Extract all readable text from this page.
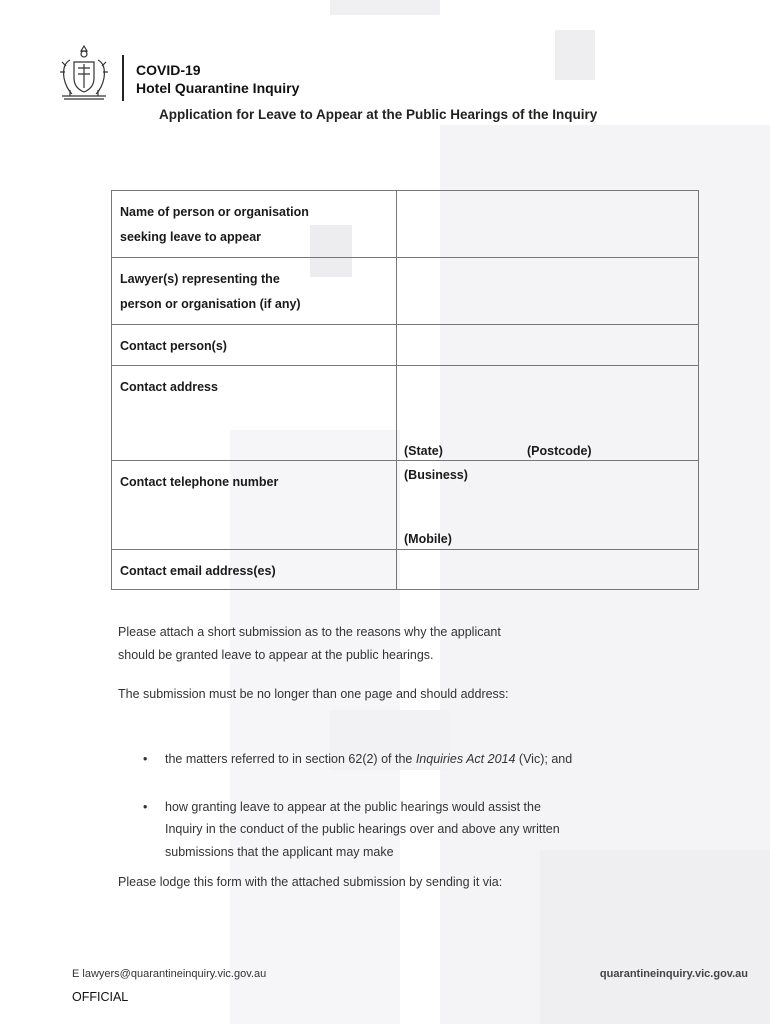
COVID-19
Hotel Quarantine Inquiry
Application for Leave to Appear at the Public Hearings of the Inquiry
Name of person or organisation
seeking leave to appear	

Lawyer(s) representing the
person or organisation (if any)	

Contact person(s)	

Contact address	(State) (Postcode)

Contact telephone number	(Business)
(Mobile)

Contact email address(es)	

Please attach a short submission as to the reasons why the applicant
should be granted leave to appear at the public hearings.
The submission must be no longer than one page and should address:
• the matters referred to in section 62(2) of the Inquiries Act 2014 (Vic); and
• how granting leave to appear at the public hearings would assist the
Inquiry in the conduct of the public hearings over and above any written
submissions that the applicant may make
Please lodge this form with the attached submission by sending it via:
E lawyers@quarantineinquiry.vic.gov.au	quarantineinquiry.vic.gov.au
OFFICIAL
